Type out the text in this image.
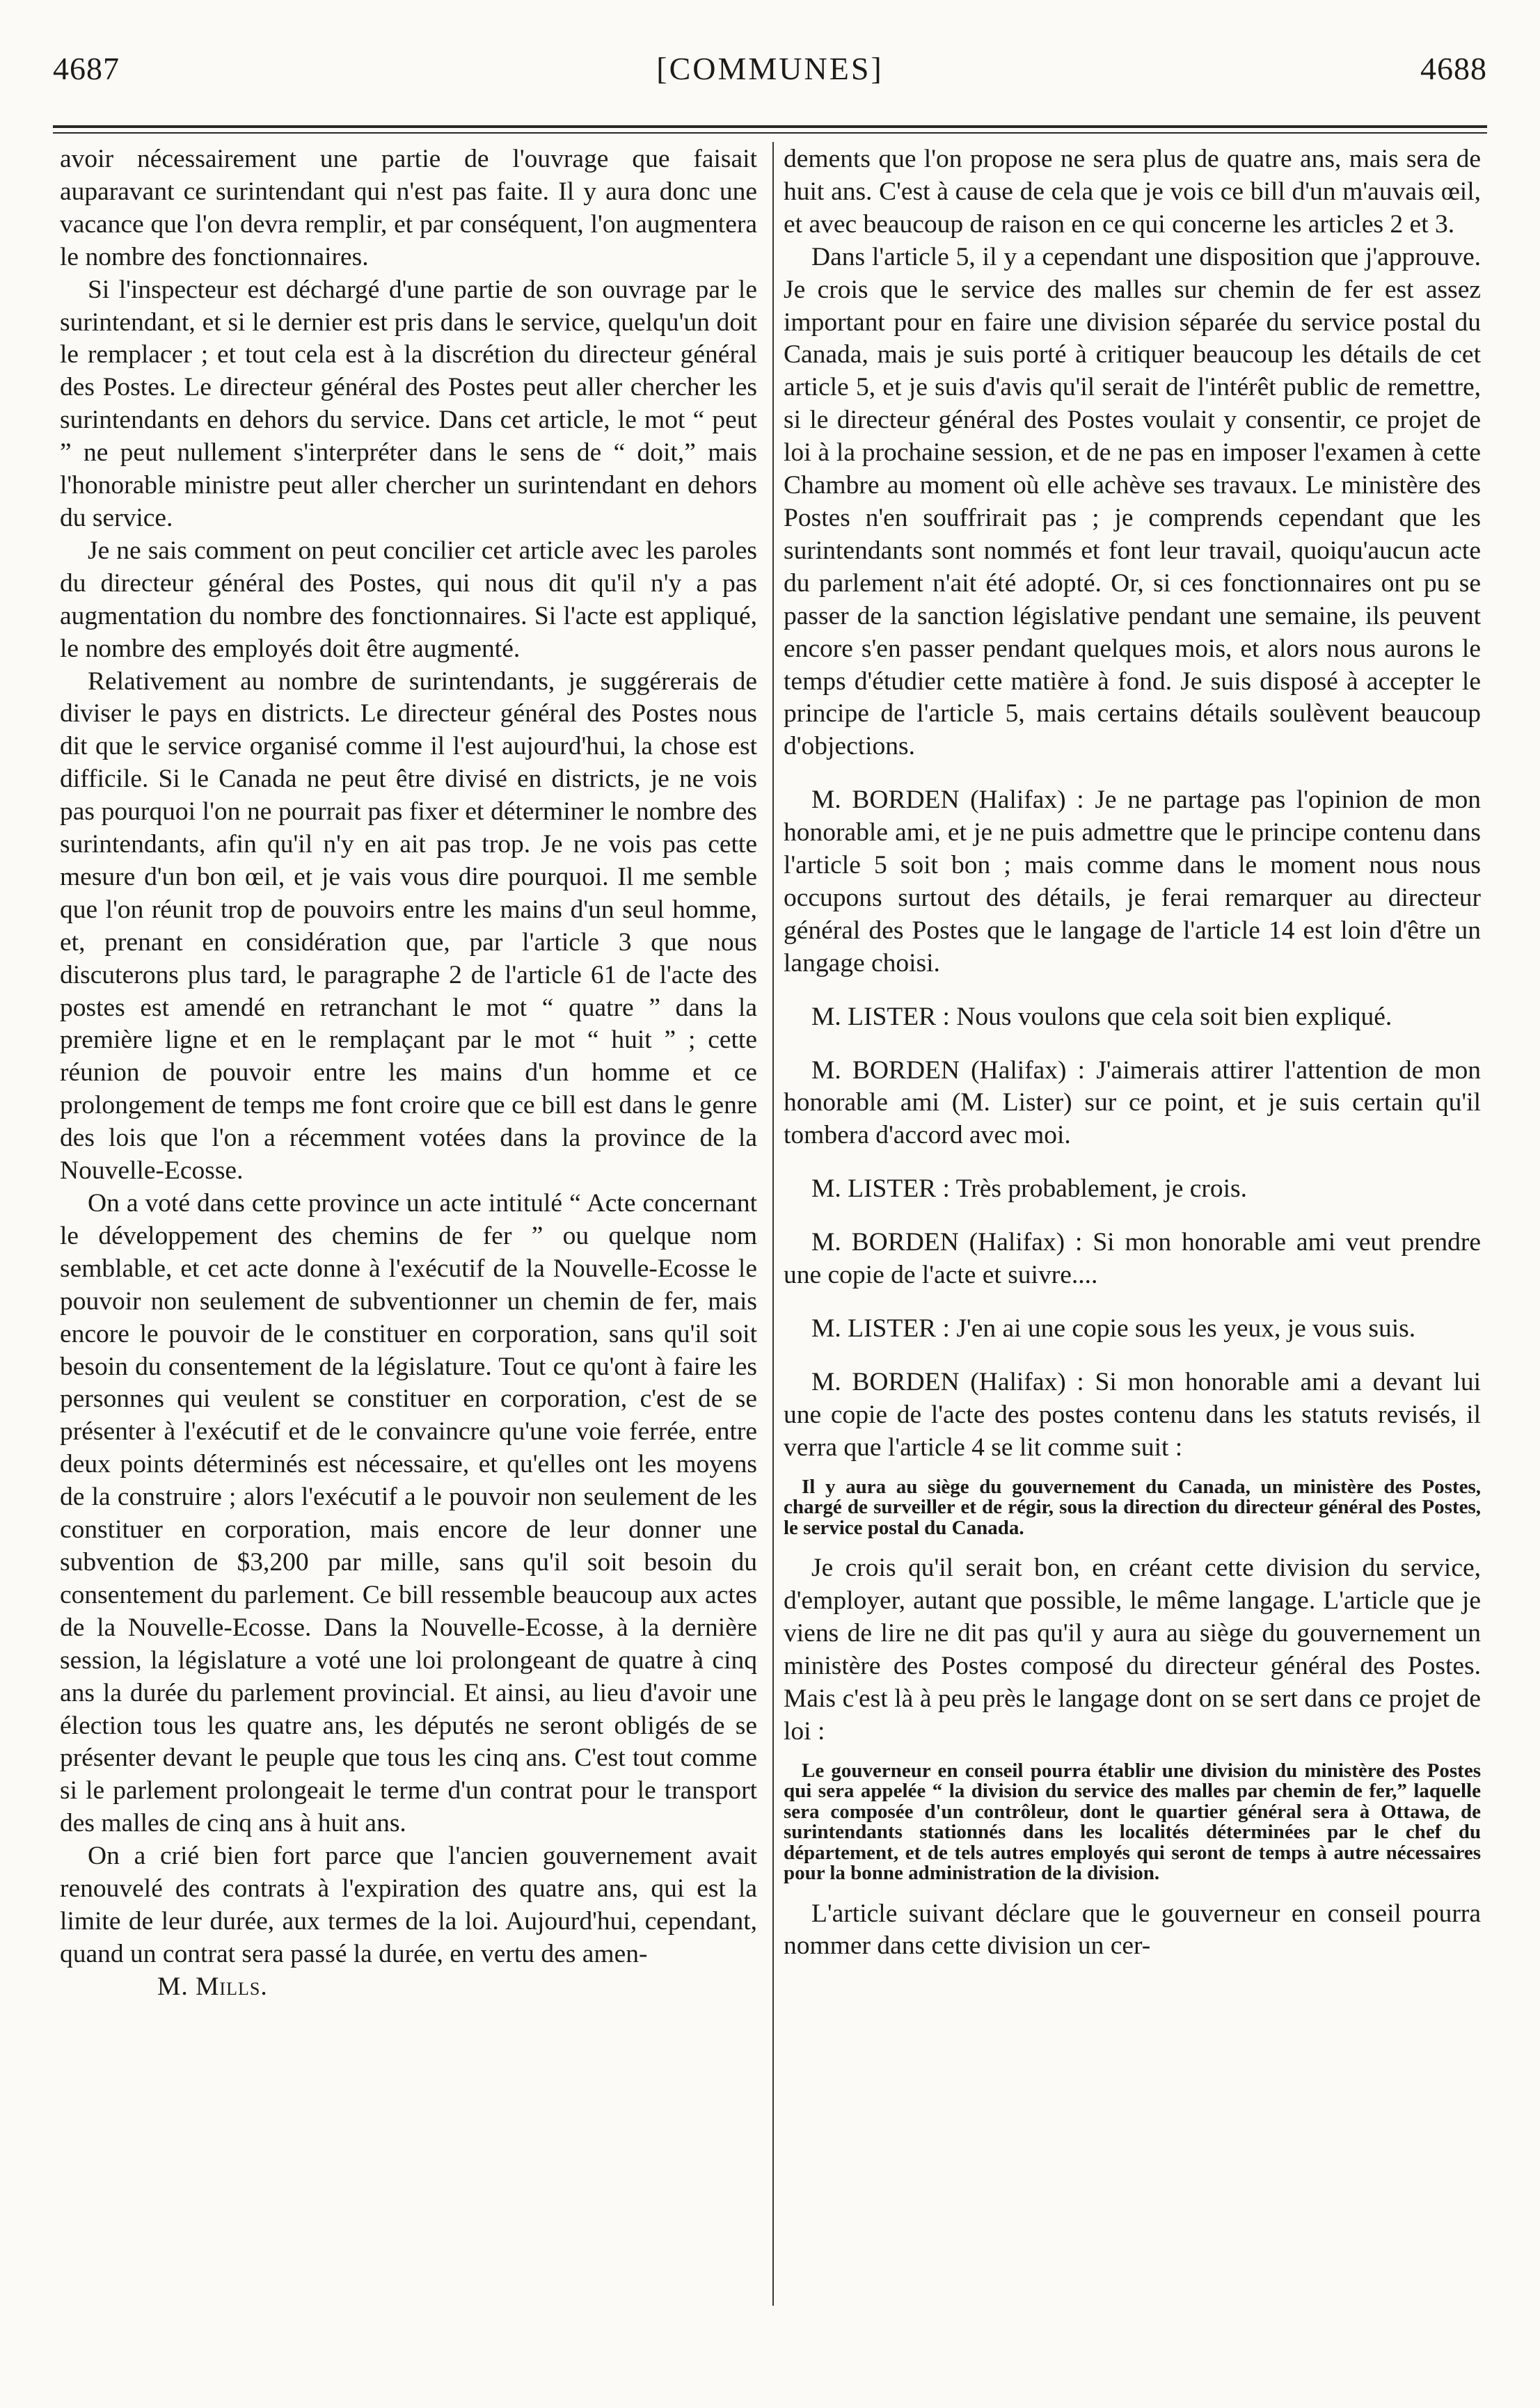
4687	[COMMUNES]	4688

avoir nécessairement une partie de l'ouvrage que faisait auparavant ce surintendant qui n'est pas faite. Il y aura donc une vacance que l'on devra remplir, et par conséquent, l'on augmentera le nombre des fonctionnaires.

Si l'inspecteur est déchargé d'une partie de son ouvrage par le surintendant, et si le dernier est pris dans le service, quelqu'un doit le remplacer ; et tout cela est à la discrétion du directeur général des Postes. Le directeur général des Postes peut aller chercher les surintendants en dehors du service. Dans cet article, le mot “ peut ” ne peut nullement s'interpréter dans le sens de “ doit,” mais l'honorable ministre peut aller chercher un surintendant en dehors du service.

Je ne sais comment on peut concilier cet article avec les paroles du directeur général des Postes, qui nous dit qu'il n'y a pas augmentation du nombre des fonctionnaires. Si l'acte est appliqué, le nombre des employés doit être augmenté.

Relativement au nombre de surintendants, je suggérerais de diviser le pays en districts. Le directeur général des Postes nous dit que le service organisé comme il l'est aujourd'hui, la chose est difficile. Si le Canada ne peut être divisé en districts, je ne vois pas pourquoi l'on ne pourrait pas fixer et déterminer le nombre des surintendants, afin qu'il n'y en ait pas trop. Je ne vois pas cette mesure d'un bon œil, et je vais vous dire pourquoi. Il me semble que l'on réunit trop de pouvoirs entre les mains d'un seul homme, et, prenant en considération que, par l'article 3 que nous discuterons plus tard, le paragraphe 2 de l'article 61 de l'acte des postes est amendé en retranchant le mot “ quatre ” dans la première ligne et en le remplaçant par le mot “ huit ” ; cette réunion de pouvoir entre les mains d'un homme et ce prolongement de temps me font croire que ce bill est dans le genre des lois que l'on a récemment votées dans la province de la Nouvelle-Ecosse.

On a voté dans cette province un acte intitulé “ Acte concernant le développement des chemins de fer ” ou quelque nom semblable, et cet acte donne à l'exécutif de la Nouvelle-Ecosse le pouvoir non seulement de subventionner un chemin de fer, mais encore le pouvoir de le constituer en corporation, sans qu'il soit besoin du consentement de la législature. Tout ce qu'ont à faire les personnes qui veulent se constituer en corporation, c'est de se présenter à l'exécutif et de le convaincre qu'une voie ferrée, entre deux points déterminés est nécessaire, et qu'elles ont les moyens de la construire ; alors l'exécutif a le pouvoir non seulement de les constituer en corporation, mais encore de leur donner une subvention de $3,200 par mille, sans qu'il soit besoin du consentement du parlement. Ce bill ressemble beaucoup aux actes de la Nouvelle-Ecosse. Dans la Nouvelle-Ecosse, à la dernière session, la législature a voté une loi prolongeant de quatre à cinq ans la durée du parlement provincial. Et ainsi, au lieu d'avoir une élection tous les quatre ans, les députés ne seront obligés de se présenter devant le peuple que tous les cinq ans. C'est tout comme si le parlement prolongeait le terme d'un contrat pour le transport des malles de cinq ans à huit ans.

On a crié bien fort parce que l'ancien gouvernement avait renouvelé des contrats à l'expiration des quatre ans, qui est la limite de leur durée, aux termes de la loi. Aujourd'hui, cependant, quand un contrat sera passé la durée, en vertu des amen-

M. Mills.

dements que l'on propose ne sera plus de quatre ans, mais sera de huit ans. C'est à cause de cela que je vois ce bill d'un m'auvais œil, et avec beaucoup de raison en ce qui concerne les articles 2 et 3.

Dans l'article 5, il y a cependant une disposition que j'approuve. Je crois que le service des malles sur chemin de fer est assez important pour en faire une division séparée du service postal du Canada, mais je suis porté à critiquer beaucoup les détails de cet article 5, et je suis d'avis qu'il serait de l'intérêt public de remettre, si le directeur général des Postes voulait y consentir, ce projet de loi à la prochaine session, et de ne pas en imposer l'examen à cette Chambre au moment où elle achève ses travaux. Le ministère des Postes n'en souffrirait pas ; je comprends cependant que les surintendants sont nommés et font leur travail, quoiqu'aucun acte du parlement n'ait été adopté. Or, si ces fonctionnaires ont pu se passer de la sanction législative pendant une semaine, ils peuvent encore s'en passer pendant quelques mois, et alors nous aurons le temps d'étudier cette matière à fond. Je suis disposé à accepter le principe de l'article 5, mais certains détails soulèvent beaucoup d'objections.

M. BORDEN (Halifax) : Je ne partage pas l'opinion de mon honorable ami, et je ne puis admettre que le principe contenu dans l'article 5 soit bon ; mais comme dans le moment nous nous occupons surtout des détails, je ferai remarquer au directeur général des Postes que le langage de l'article 14 est loin d'être un langage choisi.

M. LISTER : Nous voulons que cela soit bien expliqué.

M. BORDEN (Halifax) : J'aimerais attirer l'attention de mon honorable ami (M. Lister) sur ce point, et je suis certain qu'il tombera d'accord avec moi.

M. LISTER : Très probablement, je crois.

M. BORDEN (Halifax) : Si mon honorable ami veut prendre une copie de l'acte et suivre....

M. LISTER : J'en ai une copie sous les yeux, je vous suis.

M. BORDEN (Halifax) : Si mon honorable ami a devant lui une copie de l'acte des postes contenu dans les statuts revisés, il verra que l'article 4 se lit comme suit :

Il y aura au siège du gouvernement du Canada, un ministère des Postes, chargé de surveiller et de régir, sous la direction du directeur général des Postes, le service postal du Canada.

Je crois qu'il serait bon, en créant cette division du service, d'employer, autant que possible, le même langage. L'article que je viens de lire ne dit pas qu'il y aura au siège du gouvernement un ministère des Postes composé du directeur général des Postes. Mais c'est là à peu près le langage dont on se sert dans ce projet de loi :

Le gouverneur en conseil pourra établir une division du ministère des Postes qui sera appelée “ la division du service des malles par chemin de fer,” laquelle sera composée d'un contrôleur, dont le quartier général sera à Ottawa, de surintendants stationnés dans les localités déterminées par le chef du département, et de tels autres employés qui seront de temps à autre nécessaires pour la bonne administration de la division.

L'article suivant déclare que le gouverneur en conseil pourra nommer dans cette division un cer-
